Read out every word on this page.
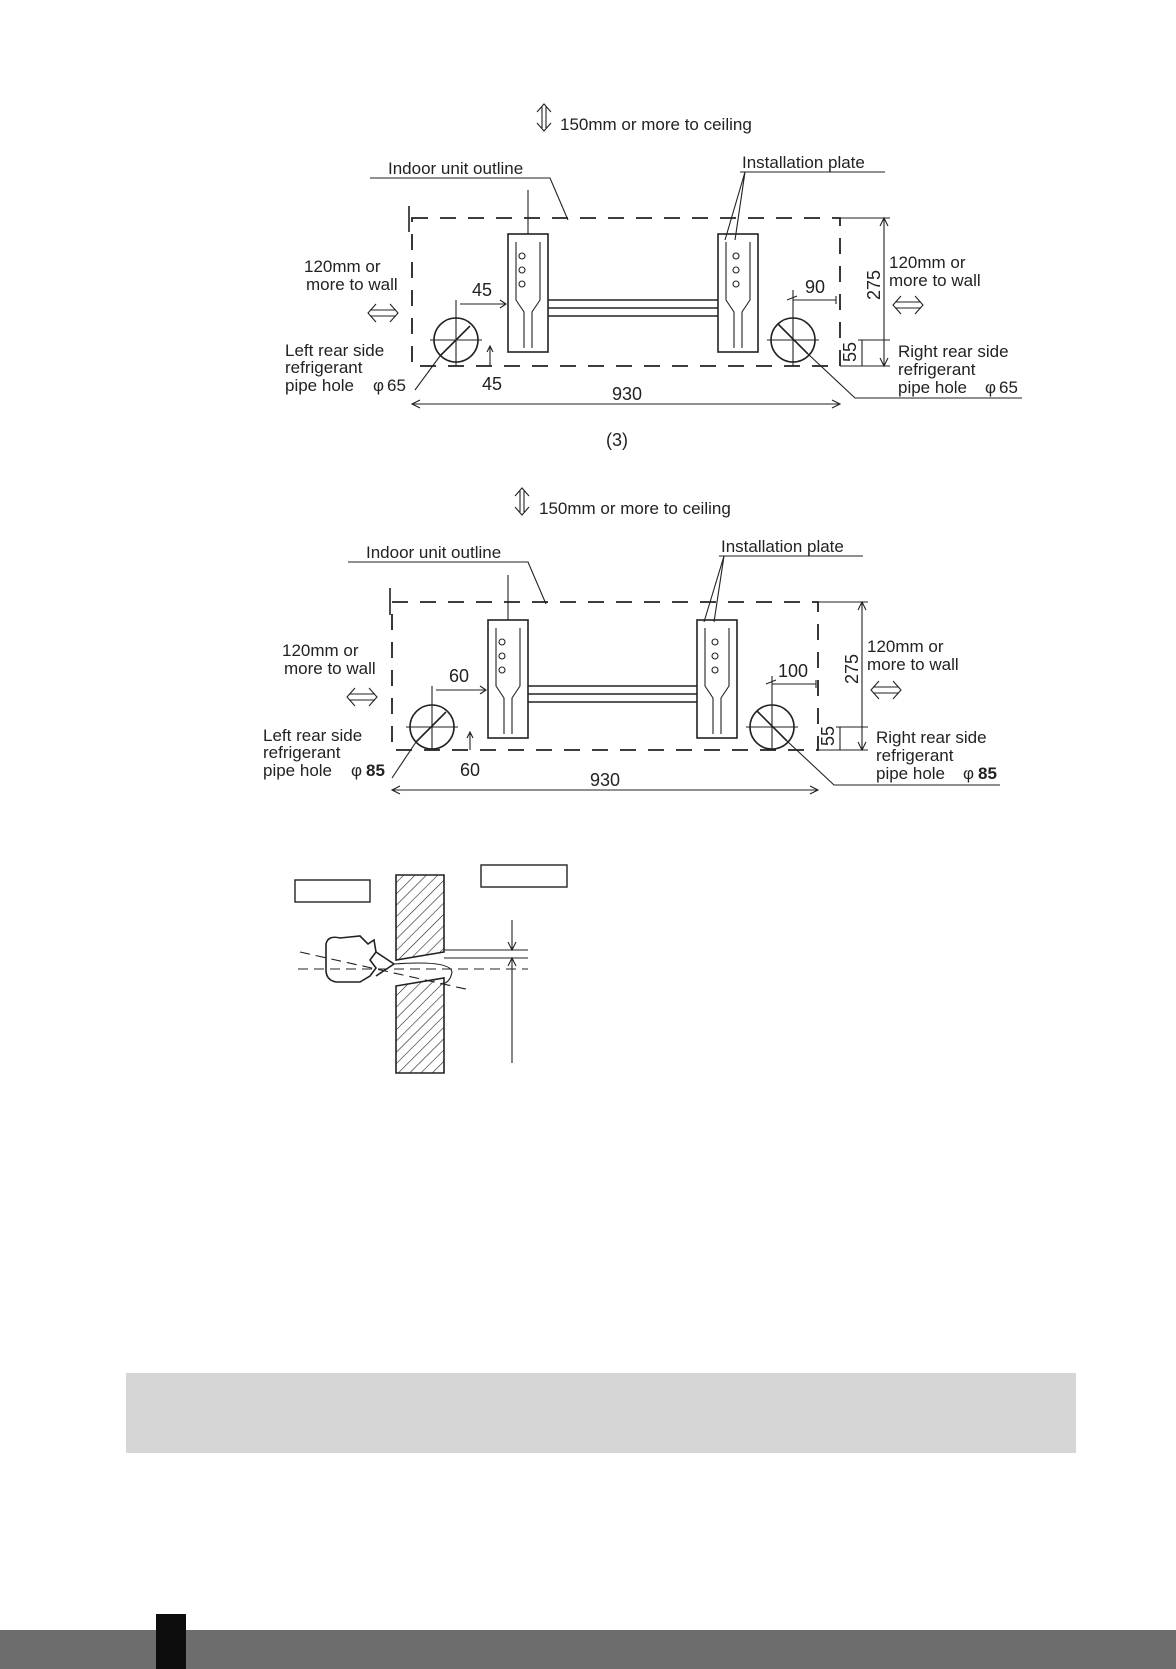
150mm or more to ceiling
Indoor unit outline	Installation plate
45
45
90 275
55
930
120mm or
more to wall
Left rear side
refrigerant
pipe hole φ 65
120mm or
more to wall
Right rear side
refrigerant
pipe hole φ 65
(3)
150mm or more to ceiling
Indoor unit outline	Installation plate
60
60
100 275
55
930
120mm or
more to wall
Left rear side
refrigerant
pipe hole φ 85
120mm or
more to wall
Right rear side
refrigerant
pipe hole φ 85
